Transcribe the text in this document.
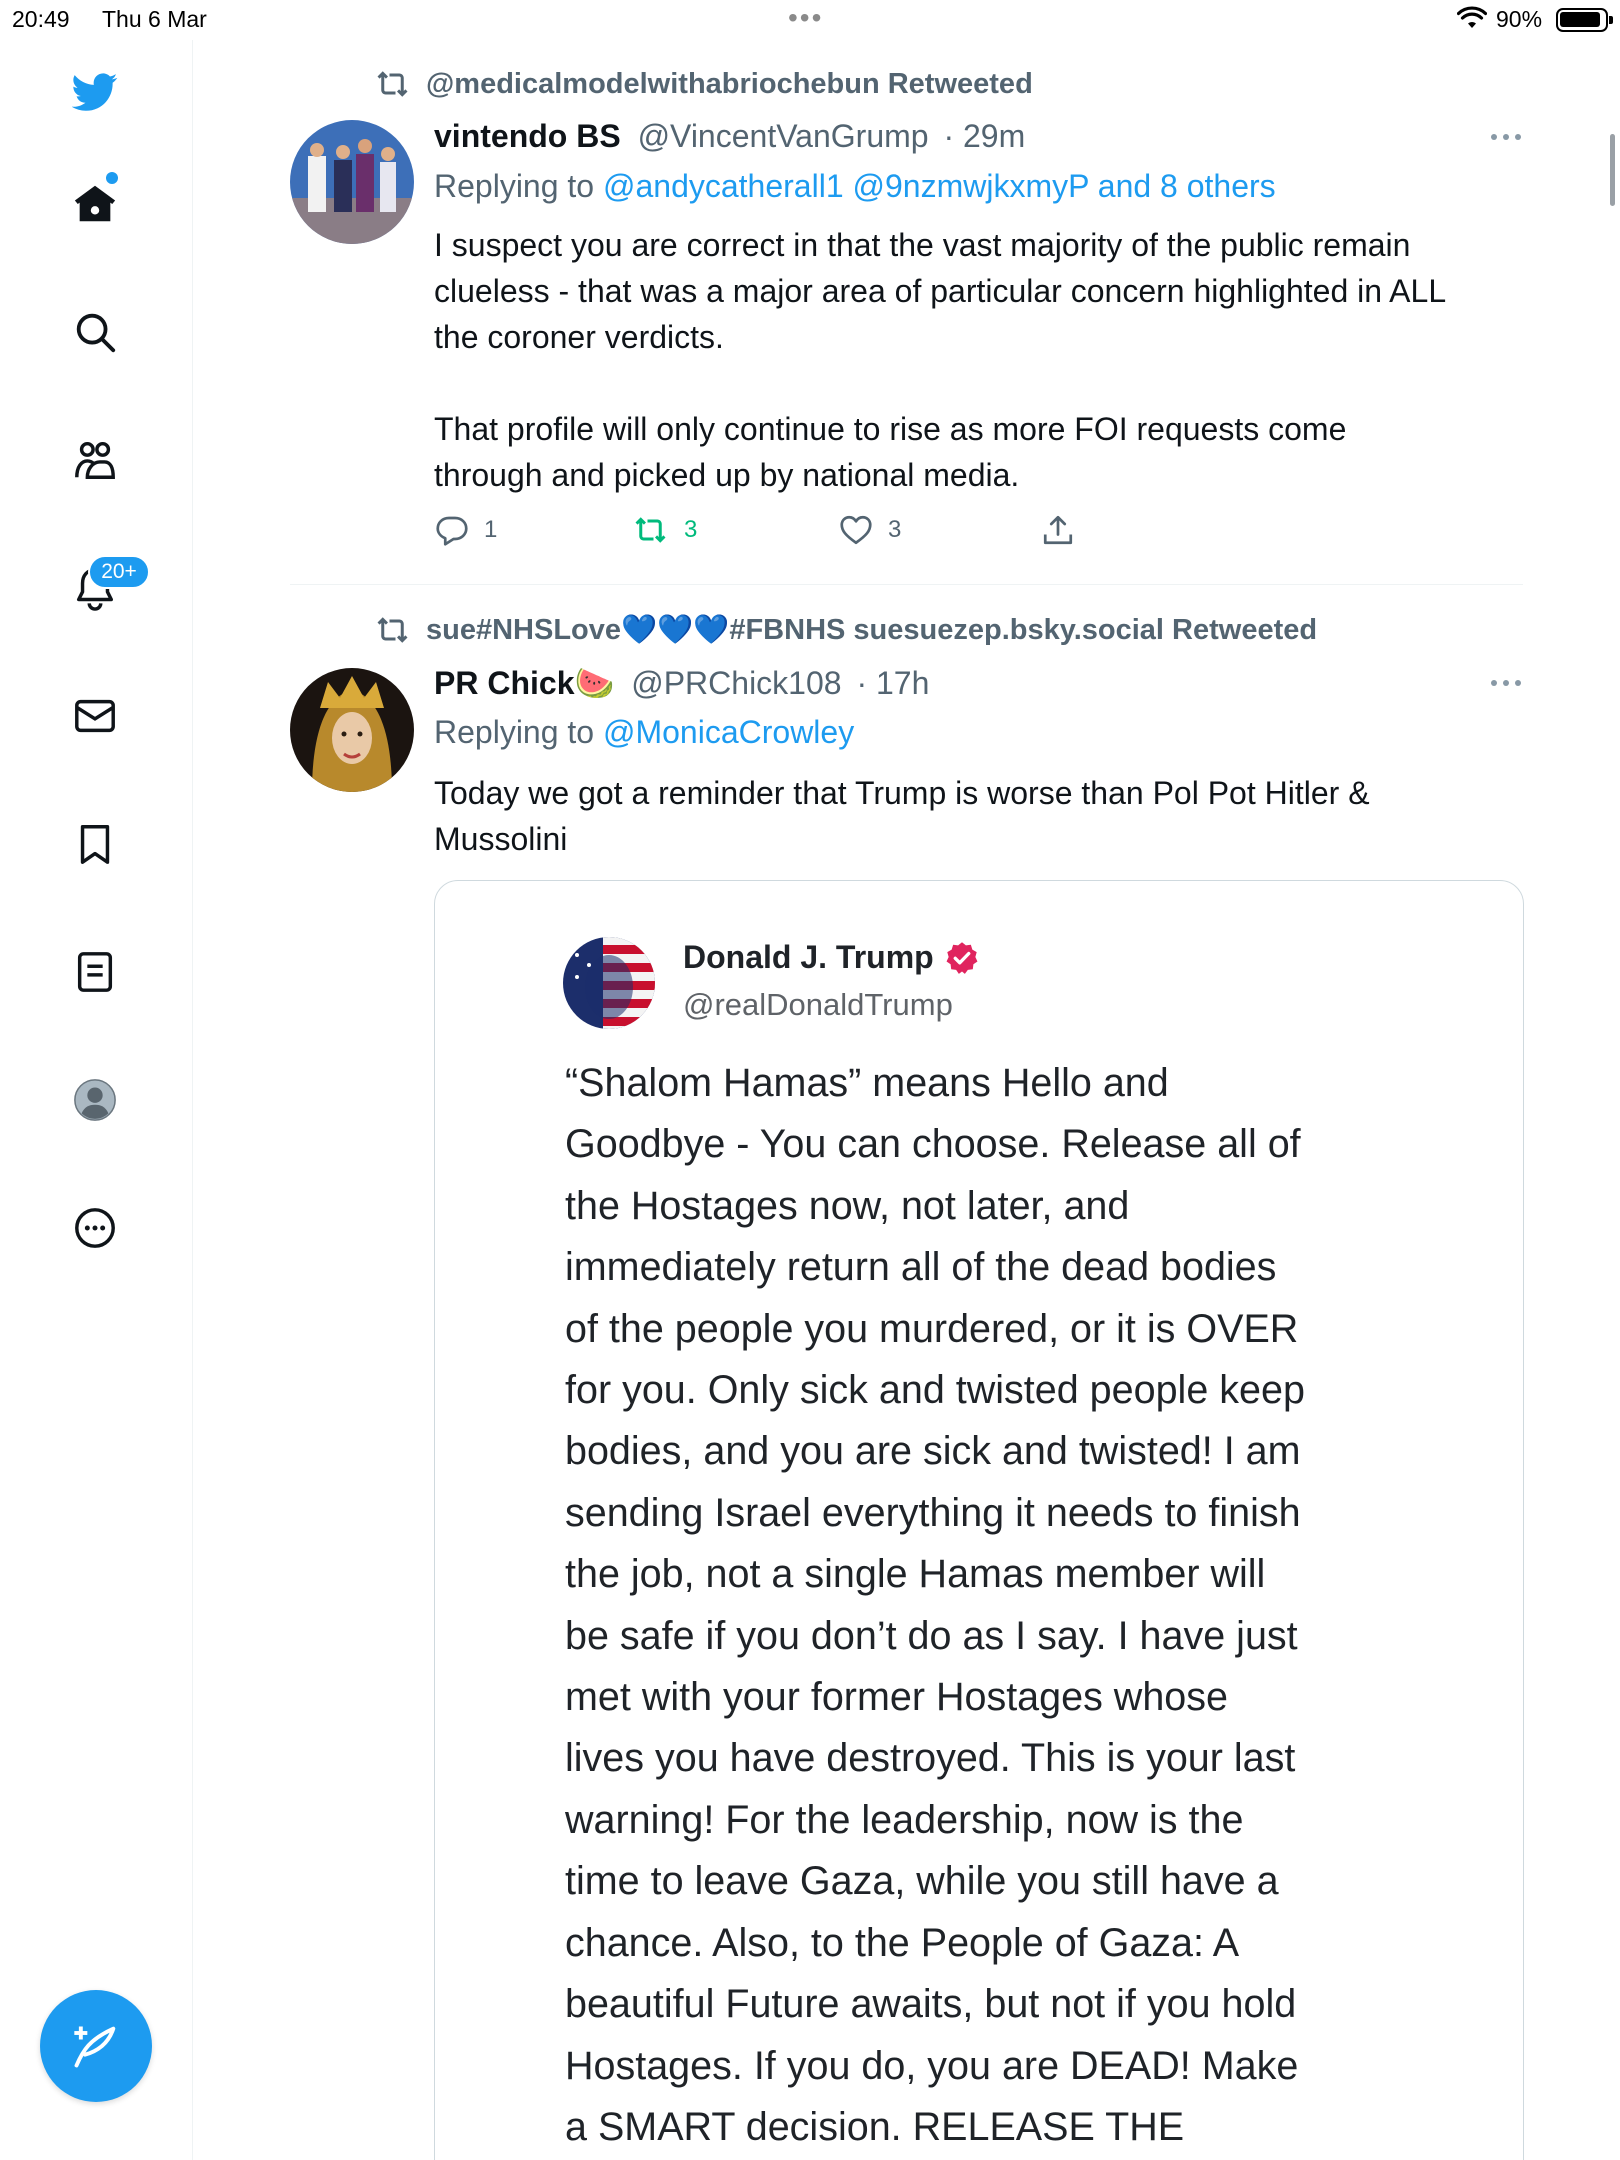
20:49 Thu 6 Mar	•••	90%
20+
@medicalmodelwithabriochebun Retweeted
vintendo BS @VincentVanGrump · 29m
Replying to @andycatherall1 @9nzmwjkxmyP and 8 others
I suspect you are correct in that the vast majority of the public remain
clueless - that was a major area of particular concern highlighted in ALL
the coroner verdicts.
That profile will only continue to rise as more FOI requests come
through and picked up by national media.
1	3	3
sue#NHSLove💙💙💙#FBNHS suesuezep.bsky.social Retweeted
PR Chick🍉 @PRChick108 · 17h
Replying to @MonicaCrowley
Today we got a reminder that Trump is worse than Pol Pot Hitler &
Mussolini
Donald J. Trump
@realDonaldTrump
“Shalom Hamas” means Hello and
Goodbye - You can choose. Release all of
the Hostages now, not later, and
immediately return all of the dead bodies
of the people you murdered, or it is OVER
for you. Only sick and twisted people keep
bodies, and you are sick and twisted! I am
sending Israel everything it needs to finish
the job, not a single Hamas member will
be safe if you don’t do as I say. I have just
met with your former Hostages whose
lives you have destroyed. This is your last
warning! For the leadership, now is the
time to leave Gaza, while you still have a
chance. Also, to the People of Gaza: A
beautiful Future awaits, but not if you hold
Hostages. If you do, you are DEAD! Make
a SMART decision. RELEASE THE
